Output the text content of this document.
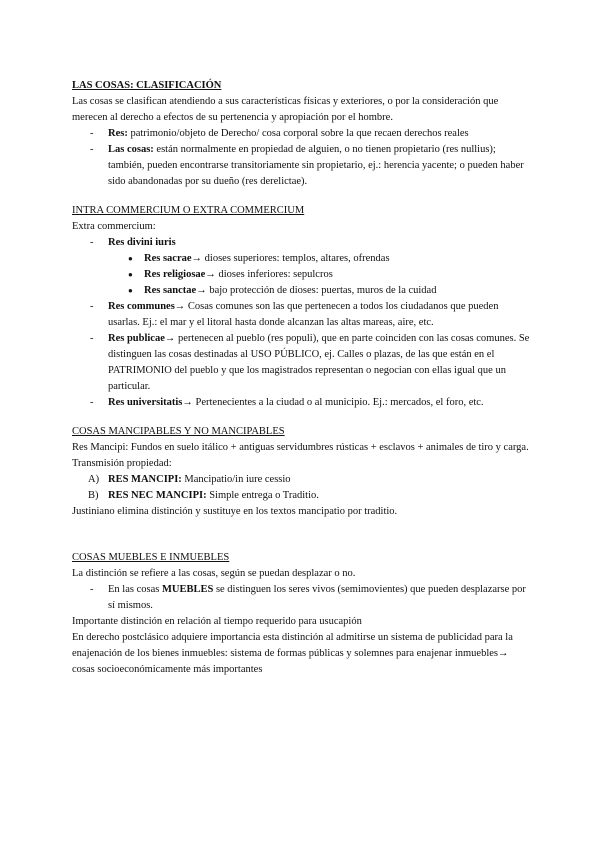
LAS COSAS: CLASIFICACIÓN

Las cosas se clasifican atendiendo a sus características físicas y exteriores, o por la consideración que merecen al derecho a efectos de su pertenencia y apropiación por el hombre.

- Res: patrimonio/objeto de Derecho/ cosa corporal sobre la que recaen derechos reales
- Las cosas: están normalmente en propiedad de alguien, o no tienen propietario (res nullius); también, pueden encontrarse transitoriamente sin propietario, ej.: herencia yacente; o pueden haber sido abandonadas por su dueño (res derelictae).

INTRA COMMERCIUM O EXTRA COMMERCIUM

Extra commercium:

- Res divini iuris
● Res sacrae→ dioses superiores: templos, altares, ofrendas
● Res religiosae→ dioses inferiores: sepulcros
● Res sanctae→ bajo protección de dioses: puertas, muros de la cuidad
- Res communes→ Cosas comunes son las que pertenecen a todos los ciudadanos que pueden usarlas. Ej.: el mar y el litoral hasta donde alcanzan las altas mareas, aire, etc.
- Res publicae→ pertenecen al pueblo (res populi), que en parte coinciden con las cosas comunes. Se distinguen las cosas destinadas al USO PÚBLICO, ej. Calles o plazas, de las que están en el PATRIMONIO del pueblo y que los magistrados representan o negocian con ellas igual que un particular.
- Res universitatis→ Pertenecientes a la ciudad o al municipio. Ej.: mercados, el foro, etc.

COSAS MANCIPABLES Y NO MANCIPABLES

Res Mancipi: Fundos en suelo itálico + antiguas servidumbres rústicas + esclavos + animales de tiro y carga. Transmisión propiedad:

A) RES MANCIPI: Mancipatio/in iure cessio
B) RES NEC MANCIPI: Simple entrega o Traditio.

Justiniano elimina distinción y sustituye en los textos mancipatio por traditio.

COSAS MUEBLES E INMUEBLES

La distinción se refiere a las cosas, según se puedan desplazar o no.

- En las cosas MUEBLES se distinguen los seres vivos (semimovientes) que pueden desplazarse por sí mismos.

Importante distinción en relación al tiempo requerido para usucapión

En derecho postclásico adquiere importancia esta distinción al admitirse un sistema de publicidad para la enajenación de los bienes inmuebles: sistema de formas públicas y solemnes para enajenar inmuebles→ cosas socioeconómicamente más importantes
